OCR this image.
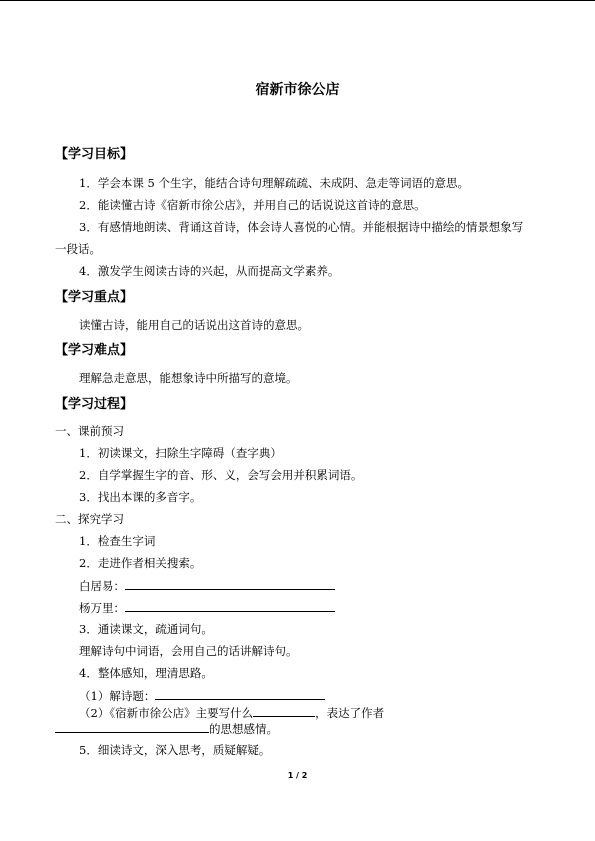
宿新市徐公店
【学习目标】
1．学会本课 5 个生字，能结合诗句理解⁡疏疏、未成阴、急走⁡等词语的意思。
2．能读懂古诗《宿新市徐公店》，并用自己的话说说这首诗的意思。
3．有感情地朗读、背诵这首诗，体会诗人喜悦的心情。并能根据诗中描绘的情景想象写
一段话。
4．激发学生阅读古诗的兴起，从而提高文学素养。
【学习重点】
读懂古诗，能用自己的话说出这首诗的意思。
【学习难点】
理解⁡急走⁡意思，能想象诗中所描写的意境。
【学习过程】
一、课前预习
1．初读课文，扫除生字障碍（查字典）
2．自学掌握生字的音、形、义，会写会用并积累词语。
3．找出本课的多音字。
二、探究学习
1．检查生字词
2．走进作者相关搜索。
白居易：
杨万里：
3．通读课文，疏通词句。
理解诗句中词语，会用自己的话讲解诗句。
4．整体感知，理清思路。
（1）解诗题：
（2）《宿新市徐公店》主要写什么	，表达了作者
的思想感情。
5．细读诗文，深入思考，质疑解疑。
1 / 2
